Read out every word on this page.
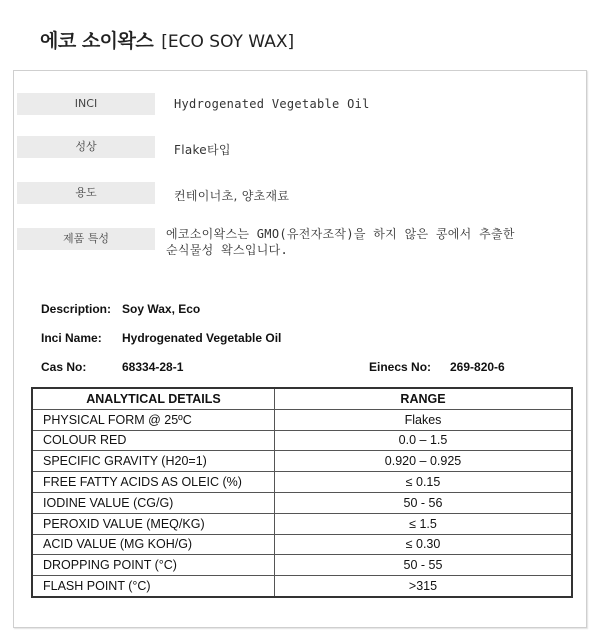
에코 소이왁스 [ECO SOY WAX]
INCI	Hydrogenated Vegetable Oil
성상	Flake타입
용도	컨테이너초, 양초재료
제품 특성	에코소이왁스는 GMO(유전자조작)을 하지 않은 콩에서 추출한
순식물성 왁스입니다.
Description: Soy Wax, Eco
Inci Name: Hydrogenated Vegetable Oil
Cas No:	68334-28-1	Einecs No: 269-820-6
ANALYTICAL DETAILS	RANGE
PHYSICAL FORM @ 25ºC	Flakes
COLOUR RED	0.0 – 1.5
SPECIFIC GRAVITY (H20=1)	0.920 – 0.925
FREE FATTY ACIDS AS OLEIC (%)	≤ 0.15
IODINE VALUE (CG/G)	50 - 56
PEROXID VALUE (MEQ/KG)	≤ 1.5
ACID VALUE (MG KOH/G)	≤ 0.30
DROPPING POINT (°C)	50 - 55
FLASH POINT (°C)	>315
